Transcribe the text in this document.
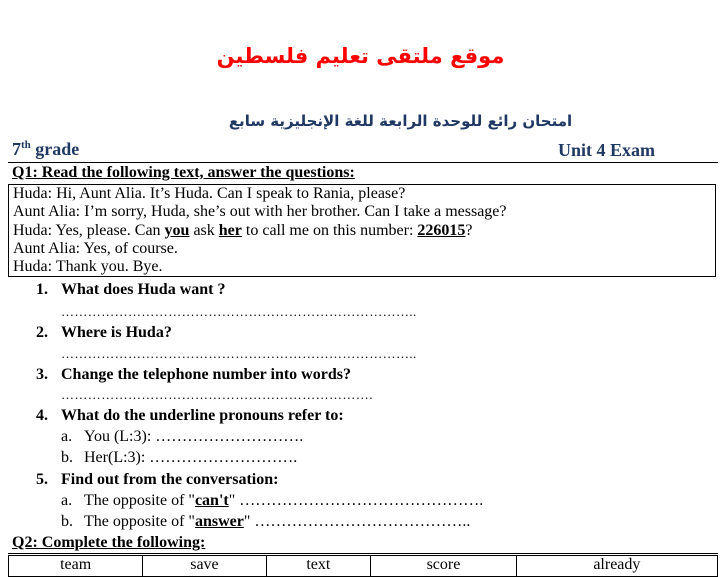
موقع ملتقى تعليم فلسطين
امتحان رائع للوحدة الرابعة للغة الإنجليزية سابع
7th grade	Unit 4 Exam
Q1: Read the following text, answer the questions:
Huda: Hi, Aunt Alia. It’s Huda. Can I speak to Rania, please?
Aunt Alia: I’m sorry, Huda, she’s out with her brother. Can I take a message?
Huda: Yes, please. Can you ask her to call me on this number: 226015?
Aunt Alia: Yes, of course.
Huda: Thank you. Bye.
1. What does Huda want ?
……………………………………………………………………..
2. Where is Huda?
……………………………………………………………………..
3. Change the telephone number into words?
…………………………………………………………….
4. What do the underline pronouns refer to:
a. You (L:3): ……………………….
b. Her(L:3): ……………………….
5. Find out from the conversation:
a. The opposite of "can't" ……………………………………….
b. The opposite of "answer" …………………………………..
Q2: Complete the following:
team	save	text	score	already
